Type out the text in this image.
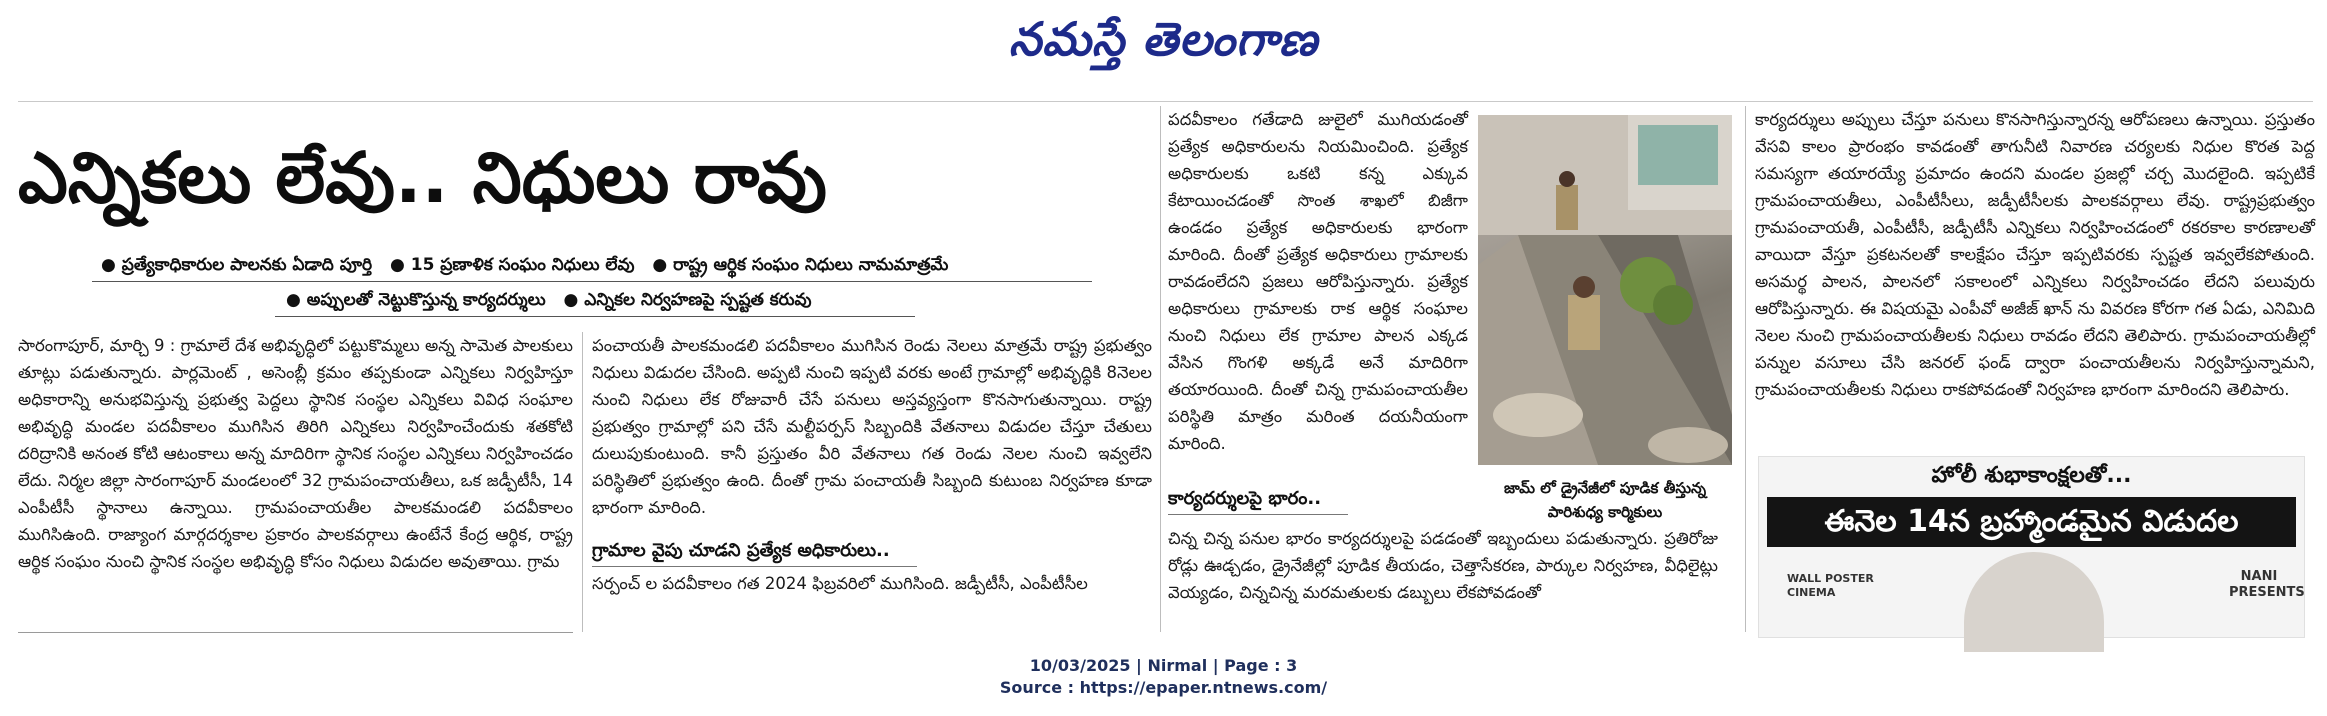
నమస్తే తెలంగాణ
ఎన్నికలు లేవు.. నిధులు రావు
● ప్రత్యేకాధికారుల పాలనకు ఏడాది పూర్తి ● 15 ప్రణాళిక సంఘం నిధులు లేవు ● రాష్ట్ర ఆర్థిక సంఘం నిధులు నామమాత్రమే
● అప్పులతో నెట్టుకొస్తున్న కార్యదర్శులు ● ఎన్నికల నిర్వహణపై స్పష్టత కరువు

సారంగాపూర్, మార్చి 9 : గ్రామాలే దేశ అభివృద్ధిలో పట్టుకొమ్మలు అన్న సామెత పాలకులు తూట్లు పడుతున్నారు. పార్లమెంట్ , అసెంబ్లీ క్రమం తప్పకుండా ఎన్నికలు నిర్వహిస్తూ అధికారాన్ని అనుభవిస్తున్న ప్రభుత్వ పెద్దలు స్థానిక సంస్థల ఎన్నికలు వివిధ సంఘాల అభివృద్ధి మండల పదవీకాలం ముగిసిన తిరిగి ఎన్నికలు నిర్వహించేందుకు శతకోటి దరిద్రానికి అనంత కోటి ఆటంకాలు అన్న మాదిరిగా స్థానిక సంస్థల ఎన్నికలు నిర్వహించడం లేదు. నిర్మల జిల్లా సారంగాపూర్ మండలంలో 32 గ్రామపంచాయతీలు, ఒక జడ్పీటీసీ, 14 ఎంపీటీసీ స్థానాలు ఉన్నాయి. గ్రామపంచాయతీల పాలకమండలి పదవీకాలం ముగిసిఉంది. రాజ్యాంగ మార్గదర్శకాల ప్రకారం పాలకవర్గాలు ఉంటేనే కేంద్ర ఆర్థిక, రాష్ట్ర ఆర్థిక సంఘం నుంచి స్థానిక సంస్థల అభివృద్ధి కోసం నిధులు విడుదల అవుతాయి. గ్రామ

పంచాయతీ పాలకమండలి పదవీకాలం ముగిసిన రెండు నెలలు మాత్రమే రాష్ట్ర ప్రభుత్వం నిధులు విడుదల చేసింది. అప్పటి నుంచి ఇప్పటి వరకు అంటే గ్రామాల్లో అభివృద్ధికి 8నెలల నుంచి నిధులు లేక రోజువారీ చేసే పనులు అస్తవ్యస్తంగా కొనసాగుతున్నాయి. రాష్ట్ర ప్రభుత్వం గ్రామాల్లో పని చేసే మల్టీపర్పస్ సిబ్బందికి వేతనాలు విడుదల చేస్తూ చేతులు దులుపుకుంటుంది. కానీ ప్రస్తుతం వీరి వేతనాలు గత రెండు నెలల నుంచి ఇవ్వలేని పరిస్థితిలో ప్రభుత్వం ఉంది. దీంతో గ్రామ పంచాయతీ సిబ్బంది కుటుంబ నిర్వహణ కూడా భారంగా మారింది.

గ్రామాల వైపు చూడని ప్రత్యేక అధికారులు..

సర్పంచ్ ల పదవీకాలం గత 2024 ఫిబ్రవరిలో ముగిసింది. జడ్పీటీసీ, ఎంపీటీసీల

పదవీకాలం గతేడాది జులైలో ముగియడంతో ప్రత్యేక అధికారులను నియమించింది. ప్రత్యేక అధికారులకు ఒకటి కన్న ఎక్కువ కేటాయించడంతో సొంత శాఖలో బిజీగా ఉండడం ప్రత్యేక అధికారులకు భారంగా మారింది. దీంతో ప్రత్యేక అధికారులు గ్రామాలకు రావడంలేదని ప్రజలు ఆరోపిస్తున్నారు. ప్రత్యేక అధికారులు గ్రామాలకు రాక ఆర్థిక సంఘాల నుంచి నిధులు లేక గ్రామాల పాలన ఎక్కడ వేసిన గొంగళి అక్కడే అనే మాదిరిగా తయారయింది. దీంతో చిన్న గ్రామపంచాయతీల పరిస్థితి మాత్రం మరింత దయనీయంగా మారింది.

జామ్ లో డ్రైనేజీలో పూడిక తీస్తున్న పారిశుధ్య కార్మికులు
కార్యదర్శులపై భారం..

చిన్న చిన్న పనుల భారం కార్యదర్శులపై పడడంతో ఇబ్బందులు పడుతున్నారు. ప్రతిరోజు రోడ్లు ఊడ్చడం, డ్రైనేజీల్లో పూడిక తీయడం, చెత్తాసేకరణ, పార్కుల నిర్వహణ, వీధిలైట్లు వెయ్యడం, చిన్నచిన్న మరమతులకు డబ్బులు లేకపోవడంతో

కార్యదర్శులు అప్పులు చేస్తూ పనులు కొనసాగిస్తున్నారన్న ఆరోపణలు ఉన్నాయి. ప్రస్తుతం వేసవి కాలం ప్రారంభం కావడంతో తాగునీటి నివారణ చర్యలకు నిధుల కొరత పెద్ద సమస్యగా తయారయ్యే ప్రమాదం ఉందని మండల ప్రజల్లో చర్చ మొదలైంది. ఇప్పటికే గ్రామపంచాయతీలు, ఎంపీటీసీలు, జడ్పీటీసీలకు పాలకవర్గాలు లేవు. రాష్ట్రప్రభుత్వం గ్రామపంచాయతీ, ఎంపీటీసీ, జడ్పీటీసీ ఎన్నికలు నిర్వహించడంలో రకరకాల కారణాలతో వాయిదా వేస్తూ ప్రకటనలతో కాలక్షేపం చేస్తూ ఇప్పటివరకు స్పష్టత ఇవ్వలేకపోతుంది. అసమర్థ పాలన, పాలనలో సకాలంలో ఎన్నికలు నిర్వహించడం లేదని పలువురు ఆరోపిస్తున్నారు. ఈ విషయమై ఎంపీవో అజీజ్ ఖాన్ ను వివరణ కోరగా గత ఏడు, ఎనిమిది నెలల నుంచి గ్రామపంచాయతీలకు నిధులు రావడం లేదని తెలిపారు. గ్రామపంచాయతీల్లో పన్నుల వసూలు చేసి జనరల్ ఫండ్ ద్వారా పంచాయతీలను నిర్వహిస్తున్నామని, గ్రామపంచాయతీలకు నిధులు రాకపోవడంతో నిర్వహణ భారంగా మారిందని తెలిపారు.

హోలీ శుభాకాంక్షలతో...
ఈనెల 14న బ్రహ్మాండమైన విడుదల
WALL POSTER CINEMA
NANI PRESENTS
10/03/2025 | Nirmal | Page : 3
Source : https://epaper.ntnews.com/
